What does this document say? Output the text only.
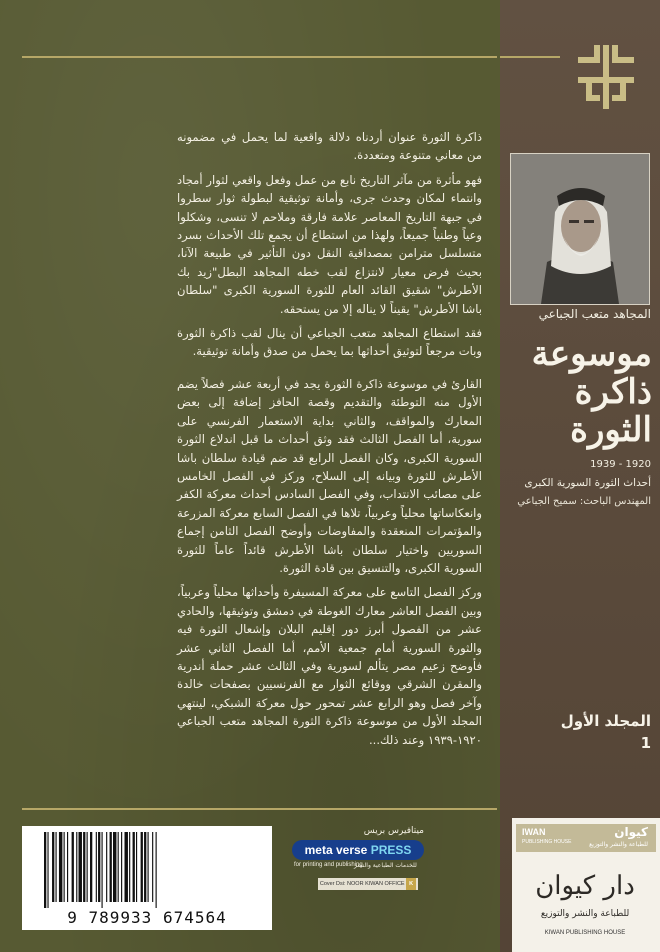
ذاكرة الثورة عنوان أردناه دلالة واقعية لما يحمل في مضمونه من معاني متنوعة ومتعددة.

فهو مأثرة من مآثر التاريخ نابع من عمل وفعل واقعي لثوار أمجاد وانتماء لمكان وحدث جرى، وأمانة توثيقية لبطولة ثوار سطروا في جبهة التاريخ المعاصر علامة فارقة وملاحم لا تنسى، وشكلوا وعياً وطنياً جميعاً، ولهذا من استطاع أن يجمع تلك الأحداث بسرد متسلسل مترامن بمصداقية النقل دون التأثير في طبيعة الآنا، بحيث فرض معيار لانتزاع لقب خطه المجاهد البطل"زيد بك الأطرش" شقيق القائد العام للثورة السورية الكبرى "سلطان باشا الأطرش" يقيناً لا يناله إلا من يستحقه.

فقد استطاع المجاهد متعب الجباعي أن ينال لقب ذاكرة الثورة وبات مرجعاً لتوثيق أحداثها بما يحمل من صدق وأمانة توثيقية.

القارئ في موسوعة ذاكرة الثورة يجد في أربعة عشر فصلاً يضم الأول منه التوطئة والتقديم وقصة الحافز إضافة إلى بعض المعارك والمواقف، والثاني بداية الاستعمار الفرنسي على سورية، أما الفصل الثالث فقد وثق أحداث ما قبل اندلاع الثورة السورية الكبرى، وكان الفصل الرابع قد ضم قيادة سلطان باشا الأطرش للثورة وبيانه إلى السلاح، وركز في الفصل الخامس على مصائب الانتداب، وفي الفصل السادس أحداث معركة الكفر وانعكاساتها محلياً وعربياً، تلاها في الفصل السابع معركة المزرعة والمؤتمرات المنعقدة والمفاوضات وأوضح الفصل الثامن إجماع السوريين واختيار سلطان باشا الأطرش قائداً عاماً للثورة السورية الكبرى، والتنسيق بين قادة الثورة.

وركز الفصل التاسع على معركة المسيفرة وأحداثها محلياً وعربياً، وبين الفصل العاشر معارك الغوطة في دمشق وتوثيقها، والحادي عشر من الفصول أبرز دور إقليم البلان وإشعال الثورة فيه والثورة السورية أمام جمعية الأمم، أما الفصل الثاني عشر فأوضح زعيم مصر يتألم لسورية وفي الثالث عشر حملة أندرية والمقرن الشرقي ووقائع الثوار مع الفرنسيين بصفحات خالدة وآخر فصل وهو الرابع عشر تمحور حول معركة الشبكي، لينتهي المجلد الأول من موسوعة ذاكرة الثورة المجاهد متعب الجباعي ١٩٢٠-١٩٣٩ وعند ذلك...

المجاهد متعب الجباعي
موسوعة
ذاكرة
الثورة
1920 - 1939
أحداث الثورة السورية الكبرى
المهندس الباحث: سميح الجباعي
المجلد الأول
1
9 789933 674564
ميتافيرس بريس
meta verse PRESS
for printing and publishing
للخدمات الطباعية والنشر
Cover Dsi: NOOR KIWAN OFFICE K
IWAN
PUBLISHING HOUSE
كيوان
للطباعة والنشر والتوزيع
دار كيوان
للطباعة والنشر والتوزيع
KIWAN PUBLISHING HOUSE
